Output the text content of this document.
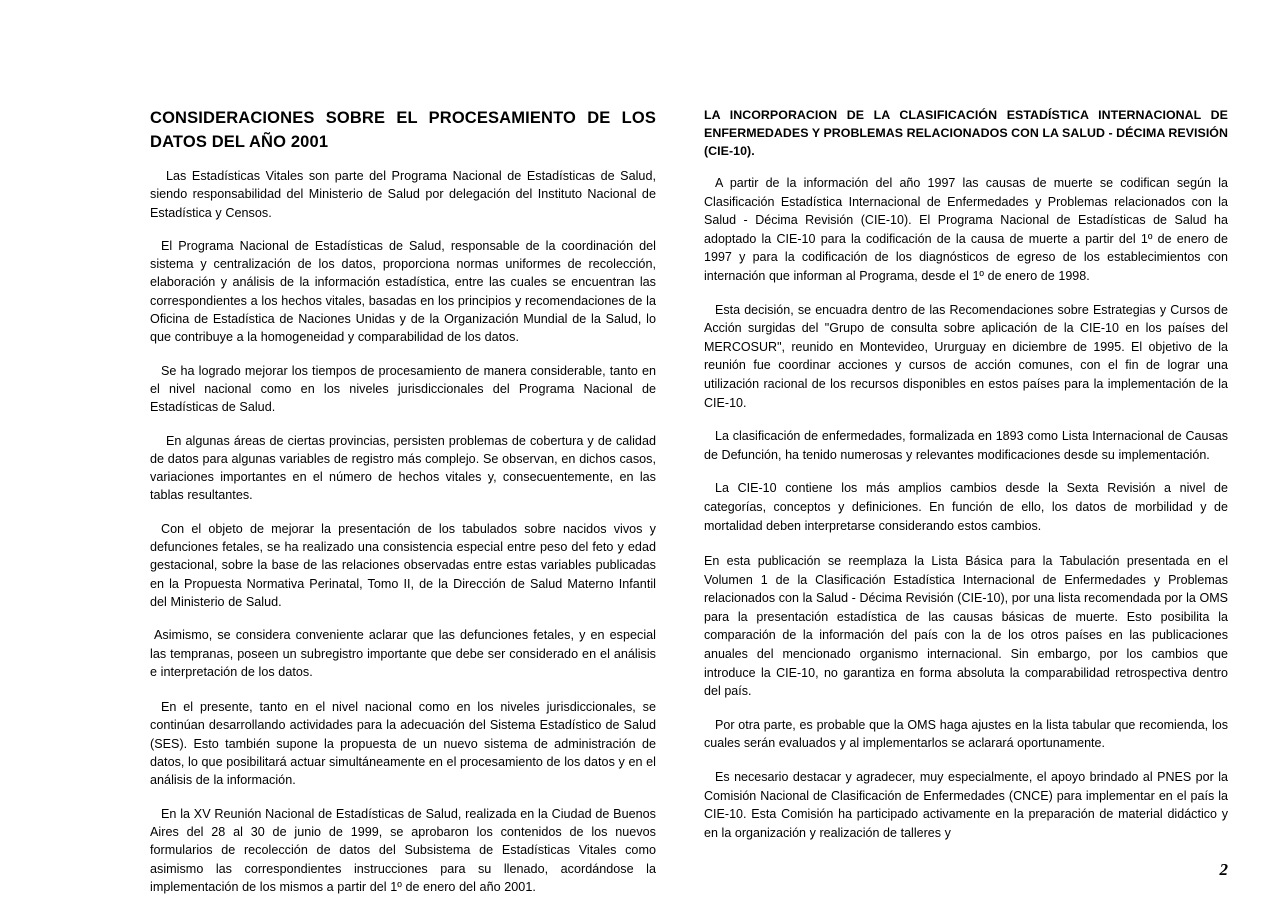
CONSIDERACIONES SOBRE EL PROCESAMIENTO DE LOS DATOS DEL AÑO 2001

Las Estadísticas Vitales son parte del Programa Nacional de Estadísticas de Salud, siendo responsabilidad del Ministerio de Salud por delegación del Instituto Nacional de Estadística y Censos.

El Programa Nacional de Estadísticas de Salud, responsable de la coordinación del sistema y centralización de los datos, proporciona normas uniformes de recolección, elaboración y análisis de la información estadística, entre las cuales se encuentran las correspondientes a los hechos vitales, basadas en los principios y recomendaciones de la Oficina de Estadística de Naciones Unidas y de la Organización Mundial de la Salud, lo que contribuye a la homogeneidad y comparabilidad de los datos.

Se ha logrado mejorar los tiempos de procesamiento de manera considerable, tanto en el nivel nacional como en los niveles jurisdiccionales del Programa Nacional de Estadísticas de Salud.

En algunas áreas de ciertas provincias, persisten problemas de cobertura y de calidad de datos para algunas variables de registro más complejo. Se observan, en dichos casos, variaciones importantes en el número de hechos vitales y, consecuentemente, en las tablas resultantes.

Con el objeto de mejorar la presentación de los tabulados sobre nacidos vivos y defunciones fetales, se ha realizado una consistencia especial entre peso del feto y edad gestacional, sobre la base de las relaciones observadas entre estas variables publicadas en la Propuesta Normativa Perinatal, Tomo II, de la Dirección de Salud Materno Infantil del Ministerio de Salud.

Asimismo, se considera conveniente aclarar que las defunciones fetales, y en especial las tempranas, poseen un subregistro importante que debe ser considerado en el análisis e interpretación de los datos.

En el presente, tanto en el nivel nacional como en los niveles jurisdiccionales, se continúan desarrollando actividades para la adecuación del Sistema Estadístico de Salud (SES). Esto también supone la propuesta de un nuevo sistema de administración de datos, lo que posibilitará actuar simultáneamente en el procesamiento de los datos y en el análisis de la información.

En la XV Reunión Nacional de Estadísticas de Salud, realizada en la Ciudad de Buenos Aires del 28 al 30 de junio de 1999, se aprobaron los contenidos de los nuevos formularios de recolección de datos del Subsistema de Estadísticas Vitales como asimismo las correspondientes instrucciones para su llenado, acordándose la implementación de los mismos a partir del 1º de enero del año 2001.

LA INCORPORACION DE LA CLASIFICACIÓN ESTADÍSTICA INTERNACIONAL DE ENFERMEDADES Y PROBLEMAS RELACIONADOS CON LA SALUD - DÉCIMA REVISIÓN (CIE-10).

A partir de la información del año 1997 las causas de muerte se codifican según la Clasificación Estadística Internacional de Enfermedades y Problemas relacionados con la Salud - Décima Revisión (CIE-10). El Programa Nacional de Estadísticas de Salud ha adoptado la CIE-10 para la codificación de la causa de muerte a partir del 1º de enero de 1997 y para la codificación de los diagnósticos de egreso de los establecimientos con internación que informan al Programa, desde el 1º de enero de 1998.

Esta decisión, se encuadra dentro de las Recomendaciones sobre Estrategias y Cursos de Acción surgidas del "Grupo de consulta sobre aplicación de la CIE-10 en los países del MERCOSUR", reunido en Montevideo, Ururguay en diciembre de 1995. El objetivo de la reunión fue coordinar acciones y cursos de acción comunes, con el fin de lograr una utilización racional de los recursos disponibles en estos países para la implementación de la CIE-10.

La clasificación de enfermedades, formalizada en 1893 como Lista Internacional de Causas de Defunción, ha tenido numerosas y relevantes modificaciones desde su implementación.

La CIE-10 contiene los más amplios cambios desde la Sexta Revisión a nivel de categorías, conceptos y definiciones. En función de ello, los datos de morbilidad y de mortalidad deben interpretarse considerando estos cambios.

En esta publicación se reemplaza la Lista Básica para la Tabulación presentada en el Volumen 1 de la Clasificación Estadística Internacional de Enfermedades y Problemas relacionados con la Salud - Décima Revisión (CIE-10), por una lista recomendada por la OMS para la presentación estadística de las causas básicas de muerte. Esto posibilita la comparación de la información del país con la de los otros países en las publicaciones anuales del mencionado organismo internacional. Sin embargo, por los cambios que introduce la CIE-10, no garantiza en forma absoluta la comparabilidad retrospectiva dentro del país.

Por otra parte, es probable que la OMS haga ajustes en la lista tabular que recomienda, los cuales serán evaluados y al implementarlos se aclarará oportunamente.

Es necesario destacar y agradecer, muy especialmente, el apoyo brindado al PNES por la Comisión Nacional de Clasificación de Enfermedades (CNCE) para implementar en el país la CIE-10. Esta Comisión ha participado activamente en la preparación de material didáctico y en la organización y realización de talleres y

2
